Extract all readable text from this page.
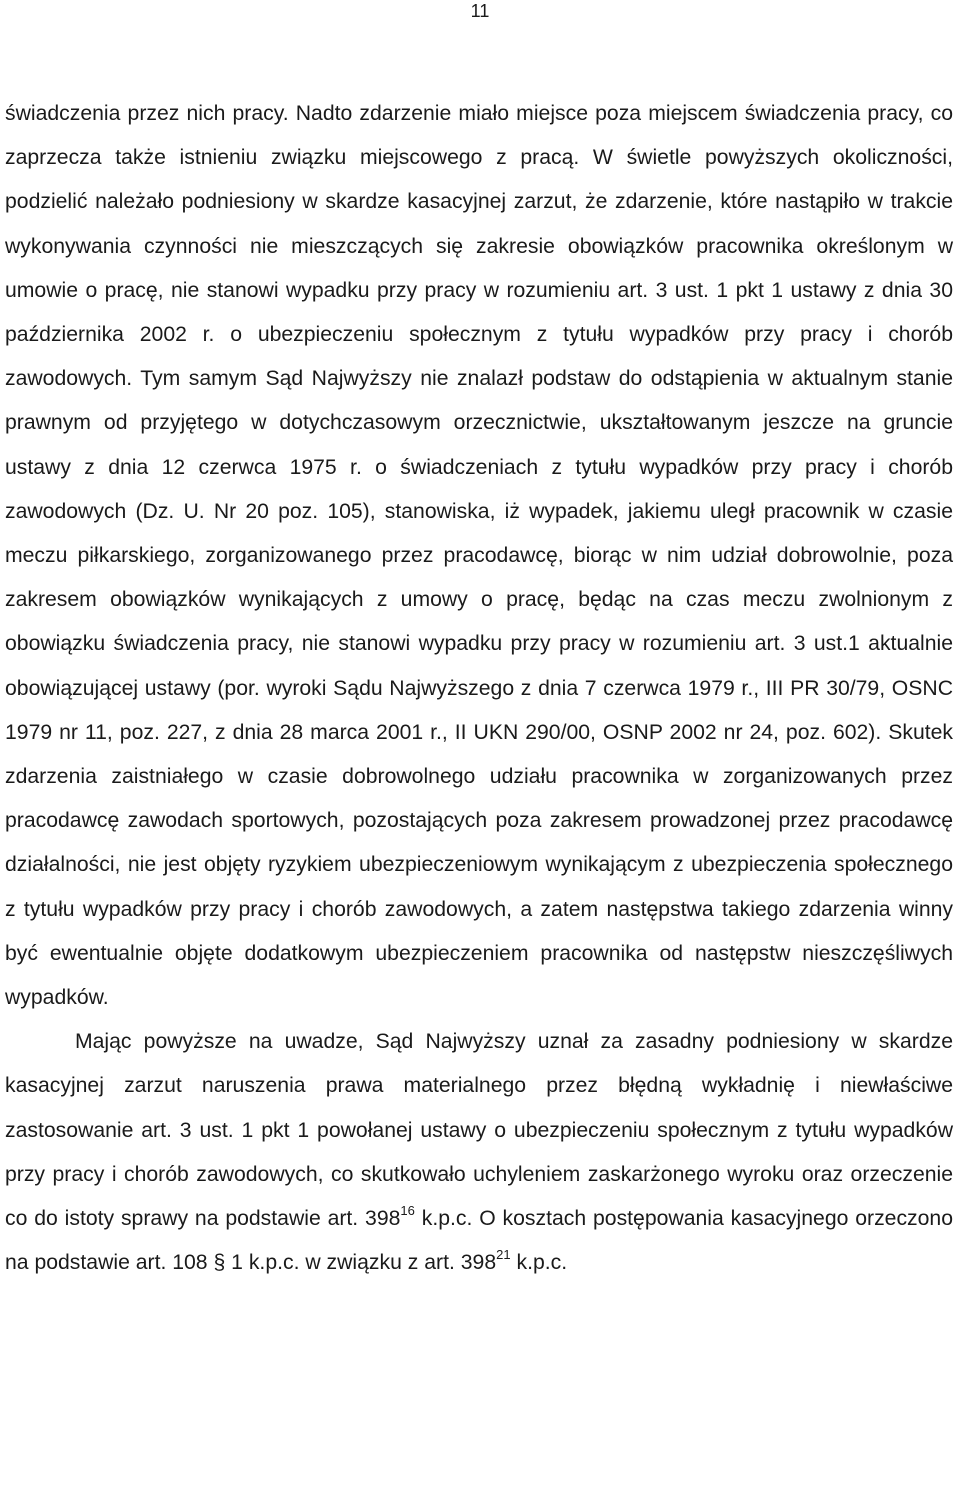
11

świadczenia przez nich pracy. Nadto zdarzenie miało miejsce poza miejscem świadczenia pracy, co zaprzecza także istnieniu związku miejscowego z pracą. W świetle powyższych okoliczności, podzielić należało podniesiony w skardze kasacyjnej zarzut, że zdarzenie, które nastąpiło w trakcie wykonywania czynności nie mieszczących się zakresie obowiązków pracownika określonym w umowie o pracę, nie stanowi wypadku przy pracy w rozumieniu art. 3 ust. 1 pkt 1 ustawy z dnia 30 października 2002 r. o ubezpieczeniu społecznym z tytułu wypadków przy pracy i chorób zawodowych. Tym samym Sąd Najwyższy nie znalazł podstaw do odstąpienia w aktualnym stanie prawnym od przyjętego w dotychczasowym orzecznictwie, ukształtowanym jeszcze na gruncie ustawy z dnia 12 czerwca 1975 r. o świadczeniach z tytułu wypadków przy pracy i chorób zawodowych (Dz. U. Nr 20 poz. 105), stanowiska, iż wypadek, jakiemu uległ pracownik w czasie meczu piłkarskiego, zorganizowanego przez pracodawcę, biorąc w nim udział dobrowolnie, poza zakresem obowiązków wynikających z umowy o pracę, będąc na czas meczu zwolnionym z obowiązku świadczenia pracy, nie stanowi wypadku przy pracy w rozumieniu art. 3 ust.1 aktualnie obowiązującej ustawy (por. wyroki Sądu Najwyższego z dnia 7 czerwca 1979 r., III PR 30/79, OSNC 1979 nr 11, poz. 227, z dnia 28 marca 2001 r., II UKN 290/00, OSNP 2002 nr 24, poz. 602). Skutek zdarzenia zaistniałego w czasie dobrowolnego udziału pracownika w zorganizowanych przez pracodawcę zawodach sportowych, pozostających poza zakresem prowadzonej przez pracodawcę działalności, nie jest objęty ryzykiem ubezpieczeniowym wynikającym z ubezpieczenia społecznego z tytułu wypadków przy pracy i chorób zawodowych, a zatem następstwa takiego zdarzenia winny być ewentualnie objęte dodatkowym ubezpieczeniem pracownika od następstw nieszczęśliwych wypadków.

Mając powyższe na uwadze, Sąd Najwyższy uznał za zasadny podniesiony w skardze kasacyjnej zarzut naruszenia prawa materialnego przez błędną wykładnię i niewłaściwe zastosowanie art. 3 ust. 1 pkt 1 powołanej ustawy o ubezpieczeniu społecznym z tytułu wypadków przy pracy i chorób zawodowych, co skutkowało uchyleniem zaskarżonego wyroku oraz orzeczenie co do istoty sprawy na podstawie art. $398^{16}$ k.p.c. O kosztach postępowania kasacyjnego orzeczono na podstawie art. 108 § 1 k.p.c. w związku z art. $398^{21}$ k.p.c.
